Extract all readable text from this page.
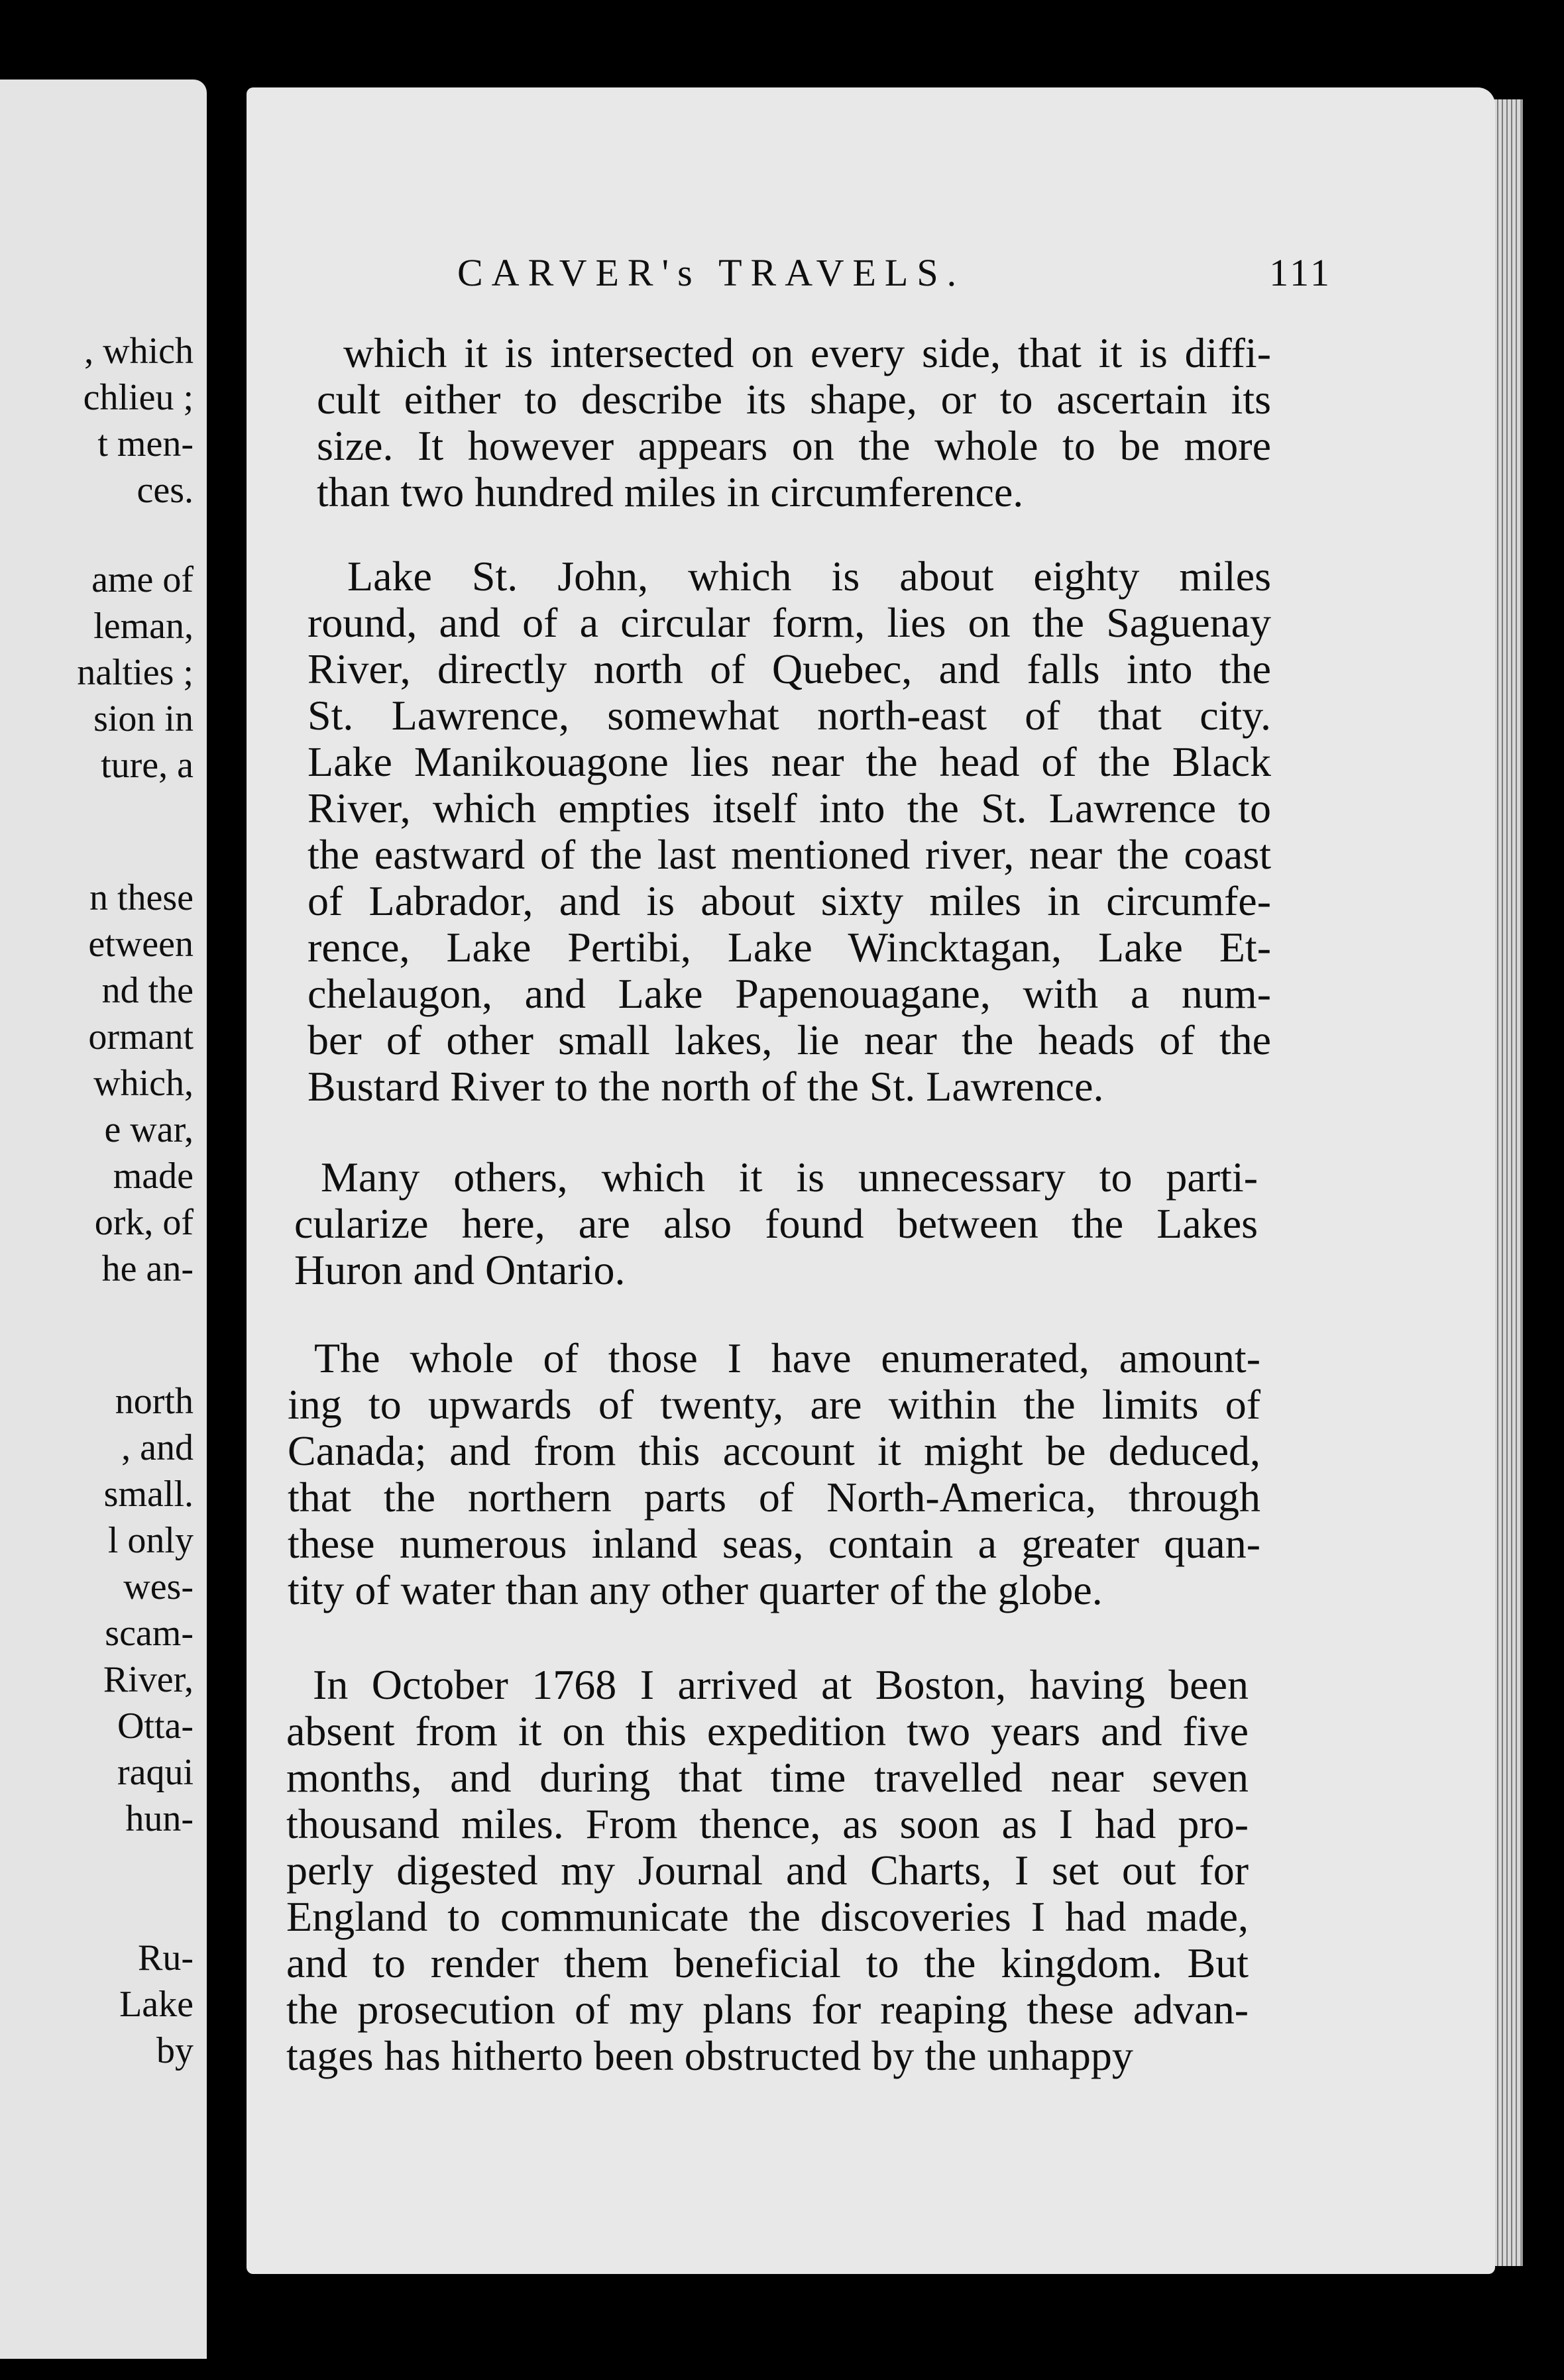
, which
chlieu ;
t men-
ces.
ame of
leman,
nalties ;
sion in
ture, a
n these
etween
nd the
ormant
which,
e war,
made
ork, of
he an-
north
, and
small.
l only
wes-
scam-
River,
Otta-
raqui
hun-
Ru-
Lake
by
CARVER's TRAVELS.	111
which it is intersected on every side, that it is diffi-
cult either to describe its shape, or to ascertain its
size. It however appears on the whole to be more
than two hundred miles in circumference.
Lake St. John, which is about eighty miles
round, and of a circular form, lies on the Saguenay
River, directly north of Quebec, and falls into the
St. Lawrence, somewhat north-east of that city.
Lake Manikouagone lies near the head of the Black
River, which empties itself into the St. Lawrence to
the eastward of the last mentioned river, near the coast
of Labrador, and is about sixty miles in circumfe-
rence, Lake Pertibi, Lake Wincktagan, Lake Et-
chelaugon, and Lake Papenouagane, with a num-
ber of other small lakes, lie near the heads of the
Bustard River to the north of the St. Lawrence.
Many others, which it is unnecessary to parti-
cularize here, are also found between the Lakes
Huron and Ontario.
The whole of those I have enumerated, amount-
ing to upwards of twenty, are within the limits of
Canada; and from this account it might be deduced,
that the northern parts of North-America, through
these numerous inland seas, contain a greater quan-
tity of water than any other quarter of the globe.
In October 1768 I arrived at Boston, having been
absent from it on this expedition two years and five
months, and during that time travelled near seven
thousand miles. From thence, as soon as I had pro-
perly digested my Journal and Charts, I set out for
England to communicate the discoveries I had made,
and to render them beneficial to the kingdom. But
the prosecution of my plans for reaping these advan-
tages has hitherto been obstructed by the unhappy
